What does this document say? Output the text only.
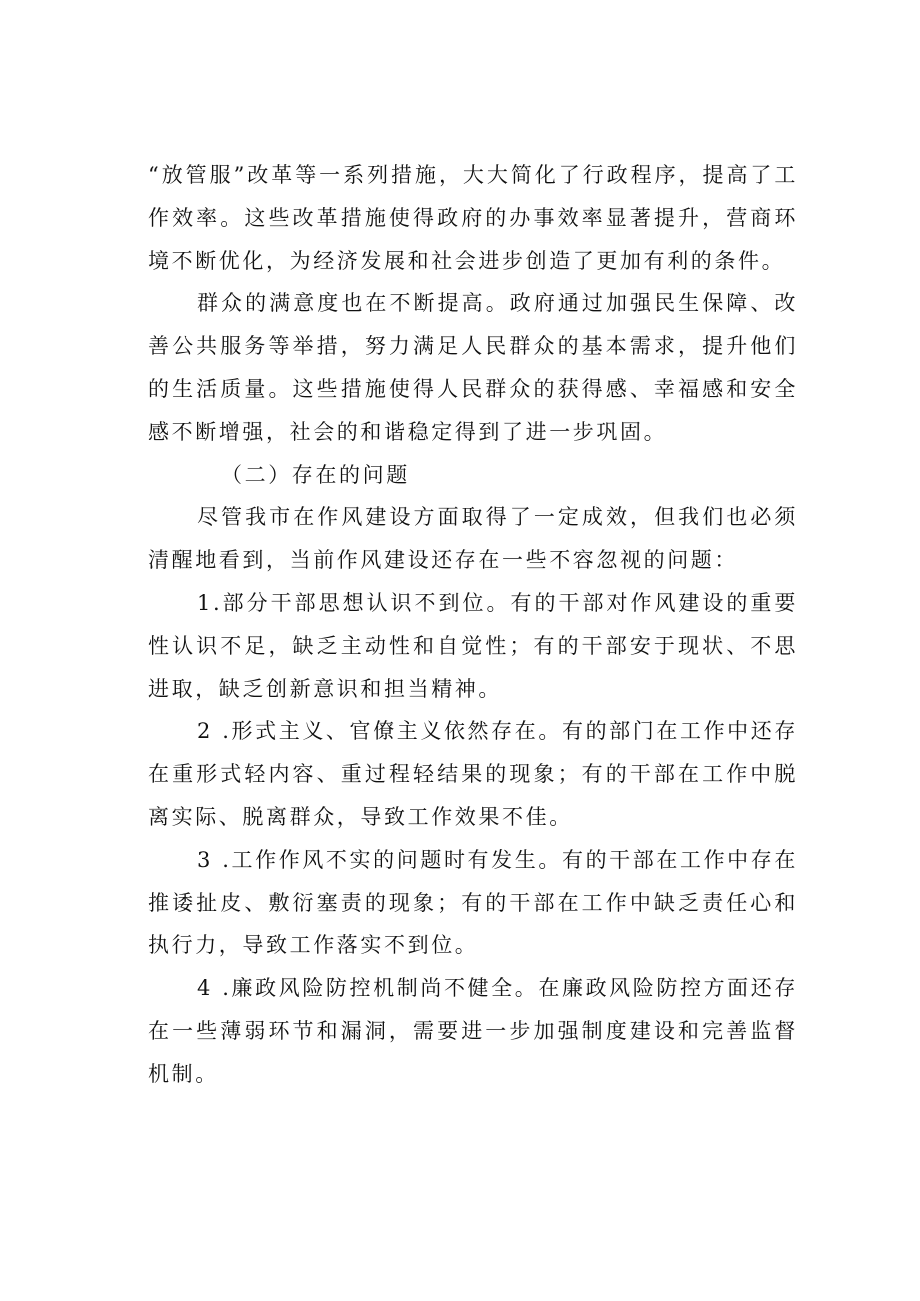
“放管服”改革等一系列措施，大大简化了行政程序，提高了工作效率。这些改革措施使得政府的办事效率显著提升，营商环境不断优化，为经济发展和社会进步创造了更加有利的条件。

群众的满意度也在不断提高。政府通过加强民生保障、改善公共服务等举措，努力满足人民群众的基本需求，提升他们的生活质量。这些措施使得人民群众的获得感、幸福感和安全感不断增强，社会的和谐稳定得到了进一步巩固。

（二）存在的问题

尽管我市在作风建设方面取得了一定成效，但我们也必须清醒地看到，当前作风建设还存在一些不容忽视的问题：

1.部分干部思想认识不到位。有的干部对作风建设的重要性认识不足，缺乏主动性和自觉性；有的干部安于现状、不思进取，缺乏创新意识和担当精神。

2 .形式主义、官僚主义依然存在。有的部门在工作中还存在重形式轻内容、重过程轻结果的现象；有的干部在工作中脱离实际、脱离群众，导致工作效果不佳。

3 .工作作风不实的问题时有发生。有的干部在工作中存在推诿扯皮、敷衍塞责的现象；有的干部在工作中缺乏责任心和执行力，导致工作落实不到位。

4 .廉政风险防控机制尚不健全。在廉政风险防控方面还存在一些薄弱环节和漏洞，需要进一步加强制度建设和完善监督机制。
